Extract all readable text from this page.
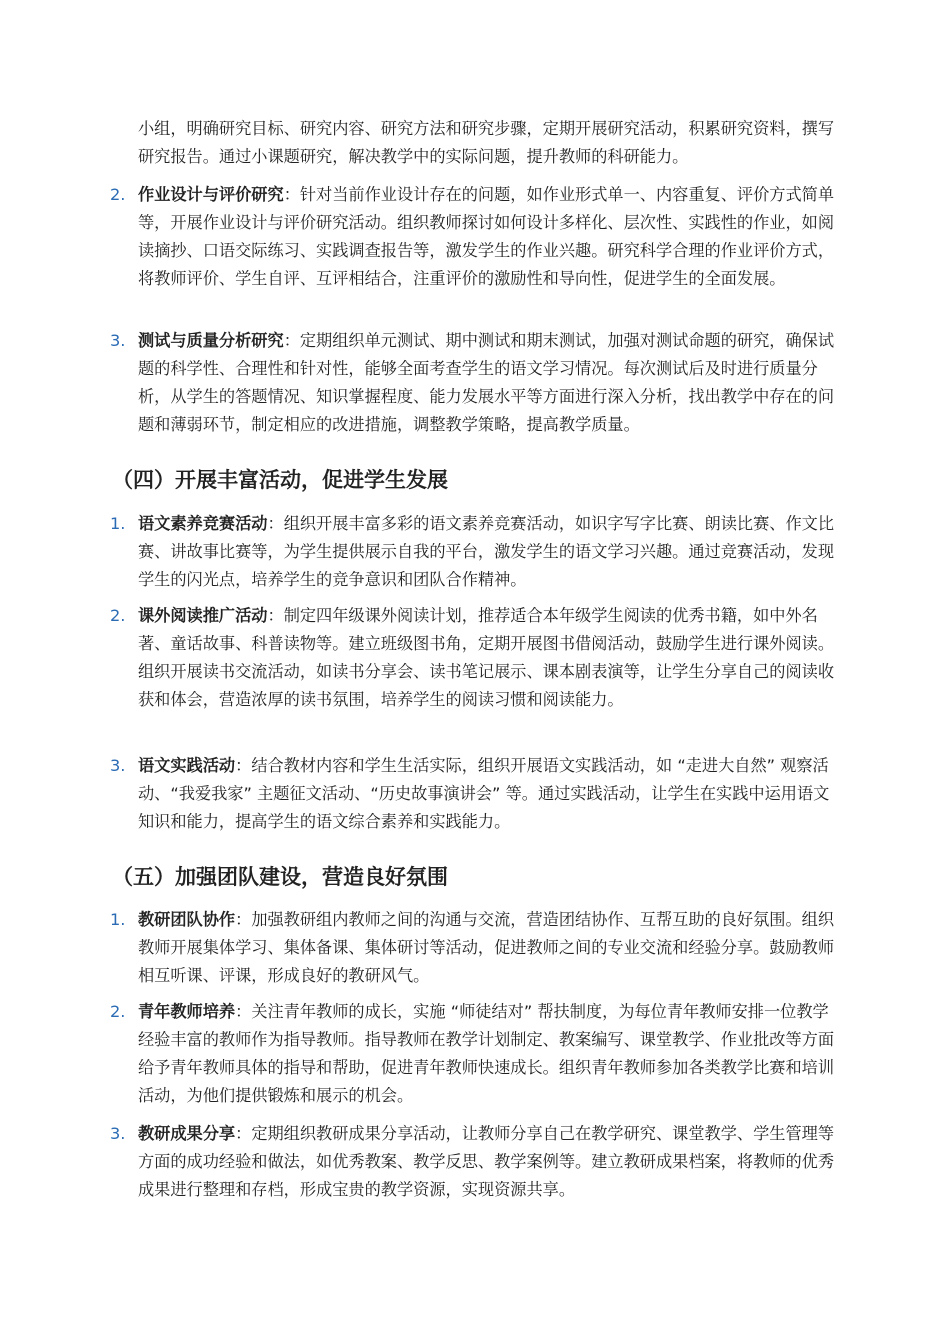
小组，明确研究目标、研究内容、研究方法和研究步骤，定期开展研究活动，积累研究资料，撰写研究报告。通过小课题研究，解决教学中的实际问题，提升教师的科研能力。
2. 作业设计与评价研究：针对当前作业设计存在的问题，如作业形式单一、内容重复、评价方式简单等，开展作业设计与评价研究活动。组织教师探讨如何设计多样化、层次性、实践性的作业，如阅读摘抄、口语交际练习、实践调查报告等，激发学生的作业兴趣。研究科学合理的作业评价方式，将教师评价、学生自评、互评相结合，注重评价的激励性和导向性，促进学生的全面发展。
3. 测试与质量分析研究：定期组织单元测试、期中测试和期末测试，加强对测试命题的研究，确保试题的科学性、合理性和针对性，能够全面考查学生的语文学习情况。每次测试后及时进行质量分析，从学生的答题情况、知识掌握程度、能力发展水平等方面进行深入分析，找出教学中存在的问题和薄弱环节，制定相应的改进措施，调整教学策略，提高教学质量。
（四）开展丰富活动，促进学生发展
1. 语文素养竞赛活动：组织开展丰富多彩的语文素养竞赛活动，如识字写字比赛、朗读比赛、作文比赛、讲故事比赛等，为学生提供展示自我的平台，激发学生的语文学习兴趣。通过竞赛活动，发现学生的闪光点，培养学生的竞争意识和团队合作精神。
2. 课外阅读推广活动：制定四年级课外阅读计划，推荐适合本年级学生阅读的优秀书籍，如中外名著、童话故事、科普读物等。建立班级图书角，定期开展图书借阅活动，鼓励学生进行课外阅读。组织开展读书交流活动，如读书分享会、读书笔记展示、课本剧表演等，让学生分享自己的阅读收获和体会，营造浓厚的读书氛围，培养学生的阅读习惯和阅读能力。
3. 语文实践活动：结合教材内容和学生生活实际，组织开展语文实践活动，如 “走进大自然” 观察活动、“我爱我家” 主题征文活动、“历史故事演讲会” 等。通过实践活动，让学生在实践中运用语文知识和能力，提高学生的语文综合素养和实践能力。
（五）加强团队建设，营造良好氛围
1. 教研团队协作：加强教研组内教师之间的沟通与交流，营造团结协作、互帮互助的良好氛围。组织教师开展集体学习、集体备课、集体研讨等活动，促进教师之间的专业交流和经验分享。鼓励教师相互听课、评课，形成良好的教研风气。
2. 青年教师培养：关注青年教师的成长，实施 “师徒结对” 帮扶制度，为每位青年教师安排一位教学经验丰富的教师作为指导教师。指导教师在教学计划制定、教案编写、课堂教学、作业批改等方面给予青年教师具体的指导和帮助，促进青年教师快速成长。组织青年教师参加各类教学比赛和培训活动，为他们提供锻炼和展示的机会。
3. 教研成果分享：定期组织教研成果分享活动，让教师分享自己在教学研究、课堂教学、学生管理等方面的成功经验和做法，如优秀教案、教学反思、教学案例等。建立教研成果档案，将教师的优秀成果进行整理和存档，形成宝贵的教学资源，实现资源共享。
